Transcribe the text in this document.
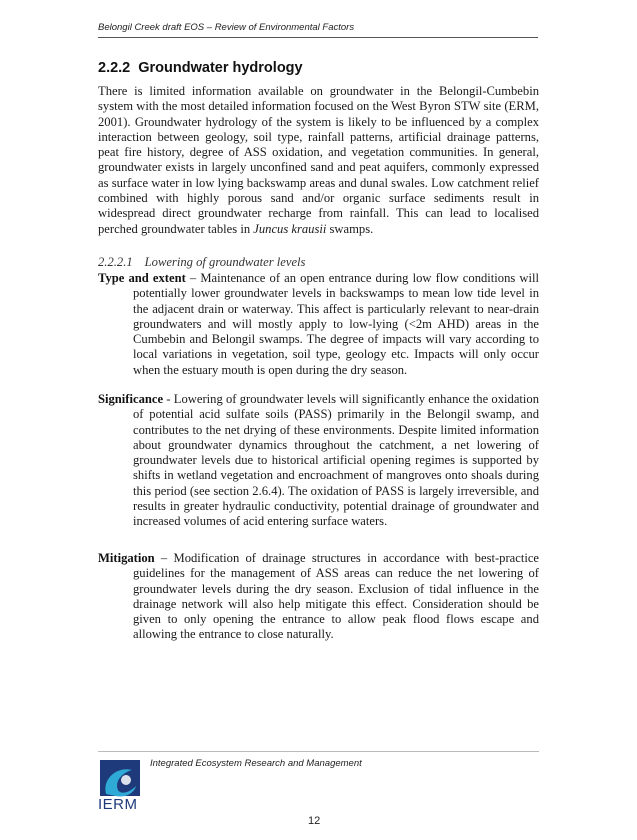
Belongil Creek draft EOS – Review of Environmental Factors
2.2.2 Groundwater hydrology

There is limited information available on groundwater in the Belongil-Cumbebin system with the most detailed information focused on the West Byron STW site (ERM, 2001). Groundwater hydrology of the system is likely to be influenced by a complex interaction between geology, soil type, rainfall patterns, artificial drainage patterns, peat fire history, degree of ASS oxidation, and vegetation communities. In general, groundwater exists in largely unconfined sand and peat aquifers, commonly expressed as surface water in low lying backswamp areas and dunal swales. Low catchment relief combined with highly porous sand and/or organic surface sediments result in widespread direct groundwater recharge from rainfall. This can lead to localised perched groundwater tables in Juncus krausii swamps.

2.2.2.1 Lowering of groundwater levels

Type and extent – Maintenance of an open entrance during low flow conditions will potentially lower groundwater levels in backswamps to mean low tide level in the adjacent drain or waterway. This affect is particularly relevant to near-drain groundwaters and will mostly apply to low-lying (<2m AHD) areas in the Cumbebin and Belongil swamps. The degree of impacts will vary according to local variations in vegetation, soil type, geology etc. Impacts will only occur when the estuary mouth is open during the dry season.

Significance - Lowering of groundwater levels will significantly enhance the oxidation of potential acid sulfate soils (PASS) primarily in the Belongil swamp, and contributes to the net drying of these environments. Despite limited information about groundwater dynamics throughout the catchment, a net lowering of groundwater levels due to historical artificial opening regimes is supported by shifts in wetland vegetation and encroachment of mangroves onto shoals during this period (see section 2.6.4). The oxidation of PASS is largely irreversible, and results in greater hydraulic conductivity, potential drainage of groundwater and increased volumes of acid entering surface waters.

Mitigation – Modification of drainage structures in accordance with best-practice guidelines for the management of ASS areas can reduce the net lowering of groundwater levels during the dry season. Exclusion of tidal influence in the drainage network will also help mitigate this effect. Consideration should be given to only opening the entrance to allow peak flood flows escape and allowing the entrance to close naturally.

Integrated Ecosystem Research and Management
IERM
12
